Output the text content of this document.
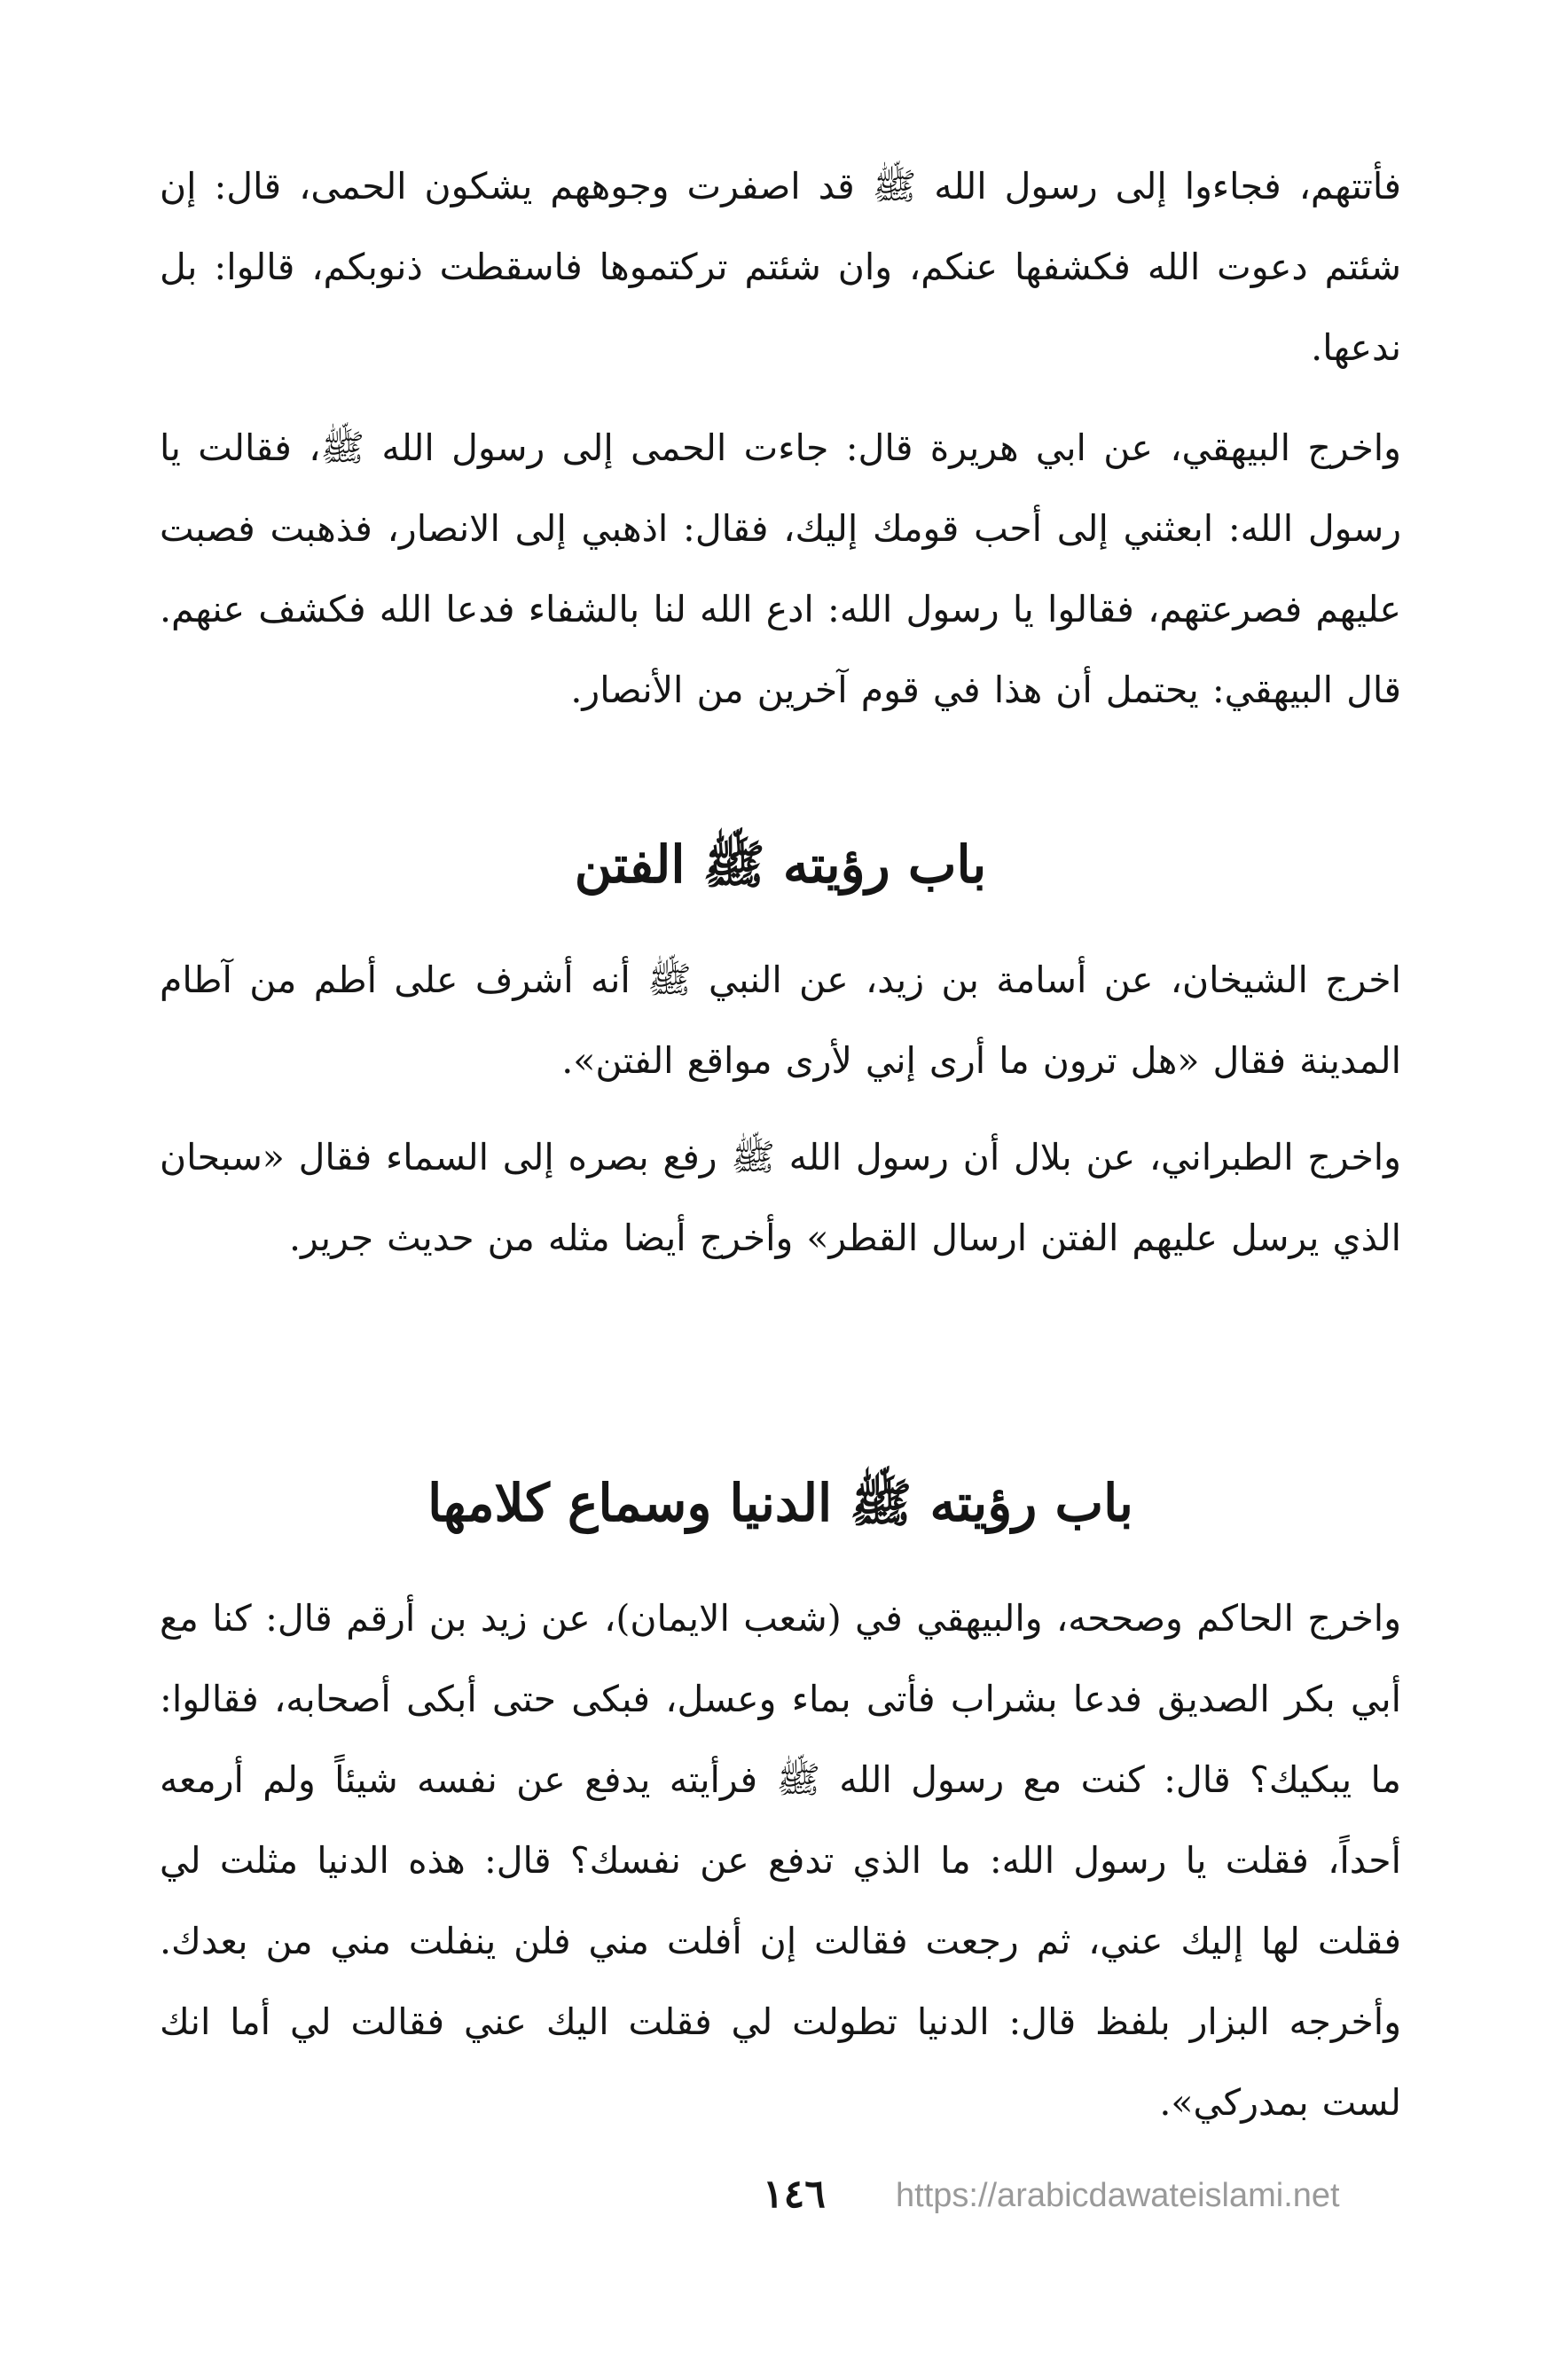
فأتتهم، فجاءوا إلى رسول الله ﷺ قد اصفرت وجوههم يشكون الحمى، قال: إن شئتم دعوت الله فكشفها عنكم، وان شئتم تركتموها فاسقطت ذنوبكم، قالوا: بل ندعها.

واخرج البيهقي، عن ابي هريرة قال: جاءت الحمى إلى رسول الله ﷺ، فقالت يا رسول الله: ابعثني إلى أحب قومك إليك، فقال: اذهبي إلى الانصار، فذهبت فصبت عليهم فصرعتهم، فقالوا يا رسول الله: ادع الله لنا بالشفاء فدعا الله فكشف عنهم. قال البيهقي: يحتمل أن هذا في قوم آخرين من الأنصار.

باب رؤيته ﷺ الفتن

اخرج الشيخان، عن أسامة بن زيد، عن النبي ﷺ أنه أشرف على أطم من آطام المدينة فقال «هل ترون ما أرى إني لأرى مواقع الفتن».

واخرج الطبراني، عن بلال أن رسول الله ﷺ رفع بصره إلى السماء فقال «سبحان الذي يرسل عليهم الفتن ارسال القطر» وأخرج أيضا مثله من حديث جرير.

باب رؤيته ﷺ الدنيا وسماع كلامها

واخرج الحاكم وصححه، والبيهقي في (شعب الايمان)، عن زيد بن أرقم قال: كنا مع أبي بكر الصديق فدعا بشراب فأتى بماء وعسل، فبكى حتى أبكى أصحابه، فقالوا: ما يبكيك؟ قال: كنت مع رسول الله ﷺ فرأيته يدفع عن نفسه شيئاً ولم أرمعه أحداً، فقلت يا رسول الله: ما الذي تدفع عن نفسك؟ قال: هذه الدنيا مثلت لي فقلت لها إليك عني، ثم رجعت فقالت إن أفلت مني فلن ينفلت مني من بعدك. وأخرجه البزار بلفظ قال: الدنيا تطولت لي فقلت اليك عني فقالت لي أما انك لست بمدركي».

١٤٦ https://arabicdawateislami.net
